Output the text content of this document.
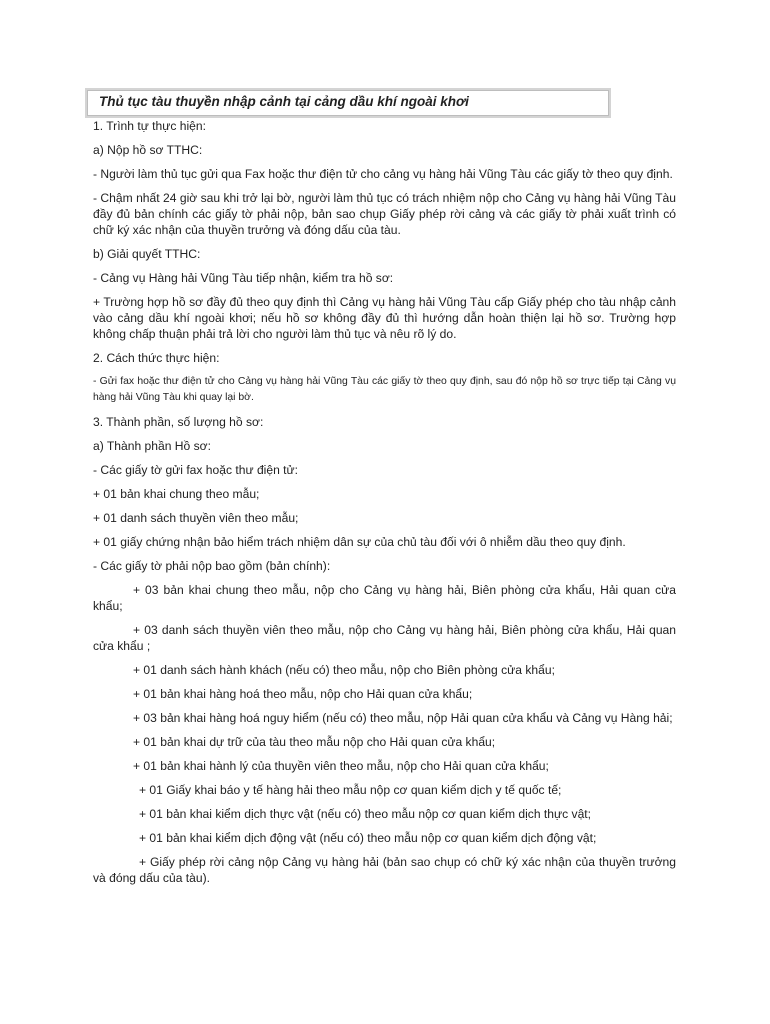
Thủ tục tàu thuyền nhập cảnh tại cảng dầu khí ngoài khơi

1. Trình tự thực hiện:

a) Nộp hồ sơ TTHC:

- Người làm thủ tục gửi qua Fax hoặc thư điện tử cho cảng vụ hàng hải Vũng Tàu các giấy tờ theo quy định.

- Chậm nhất 24 giờ sau khi trở lại bờ, người làm thủ tục có trách nhiệm nộp cho Cảng vụ hàng hải Vũng Tàu đầy đủ bản chính các giấy tờ phải nộp, bản sao chụp Giấy phép rời cảng và các giấy tờ phải xuất trình có chữ ký xác nhận của thuyền trưởng và đóng dấu của tàu.

b) Giải quyết TTHC:

- Cảng vụ Hàng hải Vũng Tàu tiếp nhận, kiểm tra hồ sơ:

+ Trường hợp hồ sơ đầy đủ theo quy định thì Cảng vụ hàng hải Vũng Tàu cấp Giấy phép cho tàu nhập cảnh vào cảng dầu khí ngoài khơi; nếu hồ sơ không đầy đủ thì hướng dẫn hoàn thiện lại hồ sơ. Trường hợp không chấp thuận phải trả lời cho người làm thủ tục và nêu rõ lý do.

2. Cách thức thực hiện:

- Gửi fax hoặc thư điện tử cho Cảng vụ hàng hải Vũng Tàu các giấy tờ theo quy định, sau đó nộp hồ sơ trực tiếp tại Cảng vụ hàng hải Vũng Tàu khi quay lại bờ.

3. Thành phần, số lượng hồ sơ:

a) Thành phần Hồ sơ:

- Các giấy tờ gửi fax hoặc thư điện tử:

+ 01 bản khai chung theo mẫu;

+ 01 danh sách thuyền viên theo mẫu;

+ 01 giấy chứng nhận bảo hiểm trách nhiệm dân sự của chủ tàu đối với ô nhiễm dầu theo quy định.

- Các giấy tờ phải nộp bao gồm (bản chính):

+ 03 bản khai chung theo mẫu, nộp cho Cảng vụ hàng hải, Biên phòng cửa khẩu, Hải quan cửa khẩu;

+ 03 danh sách thuyền viên theo mẫu, nộp cho Cảng vụ hàng hải, Biên phòng cửa khẩu, Hải quan cửa khẩu ;

+ 01 danh sách hành khách (nếu có) theo mẫu, nộp cho Biên phòng cửa khẩu;

+ 01 bản khai hàng hoá theo mẫu, nộp cho Hải quan cửa khẩu;

+ 03 bản khai hàng hoá nguy hiểm (nếu có) theo mẫu, nộp Hải quan cửa khẩu và Cảng vụ Hàng hải;

+ 01 bản khai dự trữ của tàu theo mẫu nộp cho Hải quan cửa khẩu;

+ 01 bản khai hành lý của thuyền viên theo mẫu, nộp cho Hải quan cửa khẩu;

+ 01 Giấy khai báo y tế hàng hải theo mẫu nộp cơ quan kiểm dịch y tế quốc tế;

+ 01 bản khai kiểm dịch thực vật (nếu có) theo mẫu nộp cơ quan kiểm dịch thực vật;

+ 01 bản khai kiểm dịch động vật (nếu có) theo mẫu nộp cơ quan kiểm dịch động vật;

+ Giấy phép rời cảng nộp Cảng vụ hàng hải (bản sao chụp có chữ ký xác nhận của thuyền trưởng và đóng dấu của tàu).
